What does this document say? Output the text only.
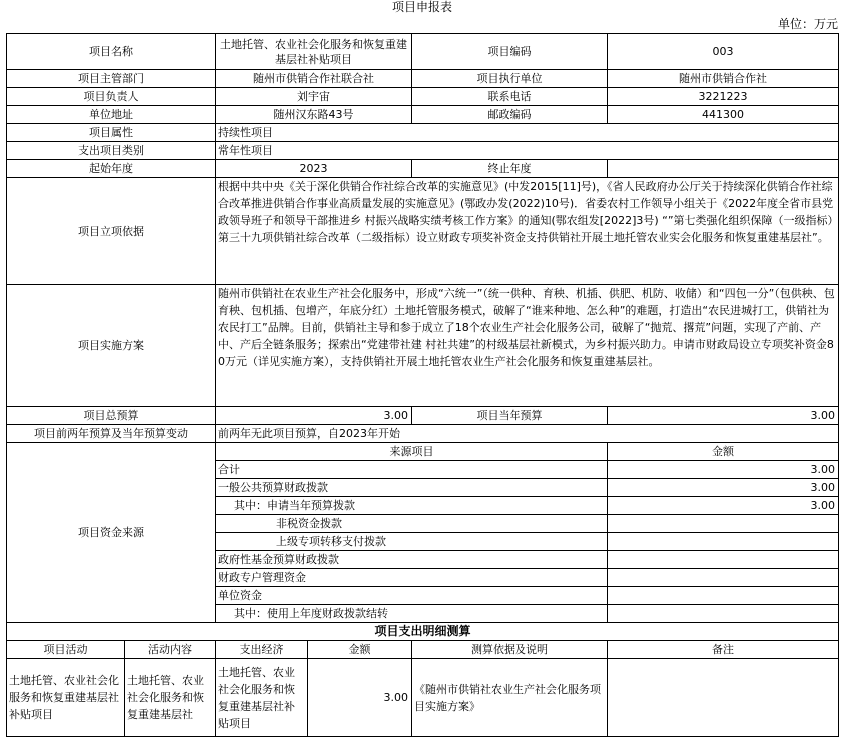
项目申报表
单位：万元
项目名称		土地托管、农业社会化服务和恢复重建基层社补贴项目		项目编码	003
项目主管部门		随州市供销合作社联合社		项目执行单位	随州市供销合作社
项目负责人		刘宇宙		联系电话	3221223
单位地址		随州汉东路43号		邮政编码	441300
项目属性		持续性项目			
支出项目类别		常年性项目			
起始年度		2023		终止年度	
项目立项依据		根据中共中央《关于深化供销合作社综合改革的实施意见》(中发2015[11]号)，《省人民政府办公厅关于持续深化供销合作社综合改革推进供销合作事业高质量发展的实施意见》(鄂政办发(2022)10号)．省委农村工作领导小组关于《2022年度全省市县党政领导班子和领导干部推进乡 村振兴战略实绩考核工作方案》的通知(鄂农组发[2022]3号) “”第七类强化组织保障（一级指标）第三十九项供销社综合改革（二级指标）设立财政专项奖补资金支持供销社开展土地托管农业实会化服务和恢复重建基层社”。			
项目实施方案		随州市供销社在农业生产社会化服务中，形成“六统一”（统一供种、育秧、机插、供肥、机防、收储）和“四包一分”（包供秧、包育秧、包机插、包增产，年底分红）土地托管服务模式，破解了“谁来种地、怎么种”的难题，打造出“农民进城打工，供销社为农民打工”品牌。目前，供销社主导和参于成立了18个农业生产社会化服务公司，破解了“抛荒、撂荒”问题，实现了产前、产中、产后全链条服务；探索出“党建带社建 村社共建”的村级基层社新模式，为乡村振兴助力。申请市财政局设立专项奖补资金80万元（详见实施方案），支持供销社开展土地托管农业生产社会化服务和恢复重建基层社。			
项目总预算		3.00		项目当年预算	3.00
项目前两年预算及当年预算变动		前两年无此项目预算，自2023年开始			
项目资金来源		来源项目			金额
		合计			3.00
		一般公共预算财政拨款			3.00
		其中：申请当年预算拨款			3.00
		非税资金拨款			
		上级专项转移支付拨款			
		政府性基金预算财政拨款			
		财政专户管理资金			
		单位资金			
		其中：使用上年度财政拨款结转			
项目支出明细测算					
项目活动	活动内容	支出经济	金额	测算依据及说明	备注
土地托管、农业社会化服务和恢复重建基层社补贴项目	土地托管、农业社会化服务和恢复重建基层社	土地托管、农业社会化服务和恢复重建基层社补贴项目	3.00	《随州市供销社农业生产社会化服务项目实施方案》	
